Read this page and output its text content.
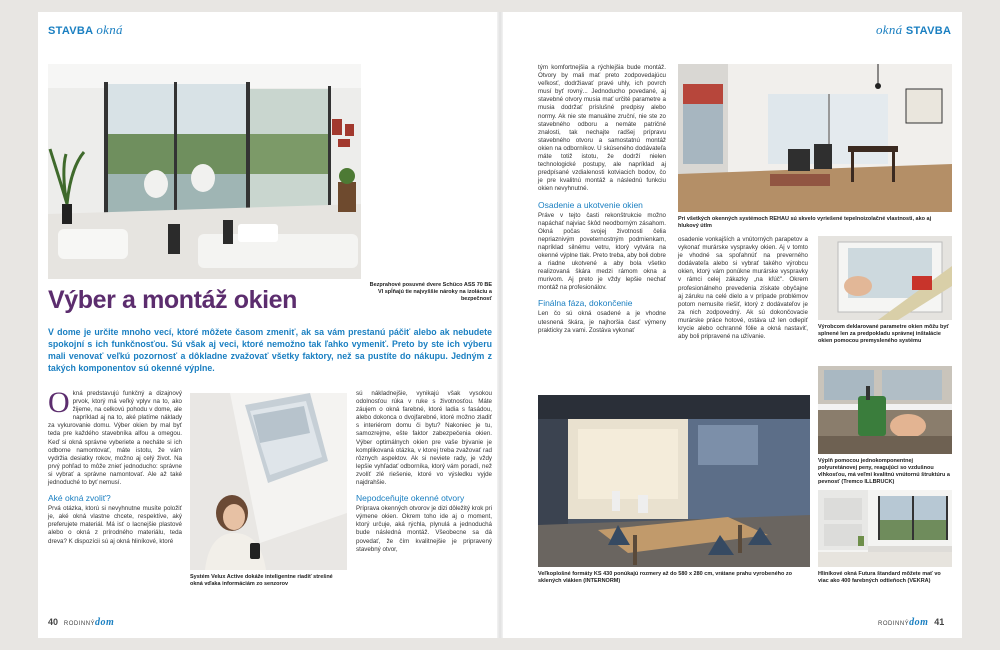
STAVBA okná	okná STAVBA
Bezprahové posuvné dvere Schüco ASS 70 BE VI spĺňajú tie najvyššie nároky na izoláciu a bezpečnosť
Výber a montáž okien
V dome je určite mnoho vecí, ktoré môžete časom zmeniť, ak sa vám prestanú páčiť alebo ak nebudete spokojní s ich funkčnosťou. Sú však aj veci, ktoré nemožno tak ľahko vymeniť. Preto by ste ich výberu mali venovať veľkú pozornosť a dôkladne zvažovať všetky faktory, než sa pustíte do nákupu. Jedným z takých komponentov sú okenné výplne.

Okná predstavujú funkčný a dizajnový prvok, ktorý má veľký vplyv na to, ako žijeme, na celkovú pohodu v dome, ale napríklad aj na to, aké platíme náklady za vykurovanie domu. Výber okien by mal byť teda pre každého stavebníka alfou a omegou. Keď si okná správne vyberiete a necháte si ich odborne namontovať, máte istotu, že vám vydržia desiatky rokov, možno aj celý život. Na prvý pohľad to môže znieť jednoducho: správne si vybrať a správne namontovať. Ale až také jednoduché to byť nemusí.

Aké okná zvoliť?

Prvá otázka, ktorú si nevyhnutne musíte položiť je, aké okná vlastne chcete, respektíve, aký preferujete materiál. Má isť o lacnejšie plastové alebo o okná z prírodného materiálu, teda dreva? K dispozícii sú aj okná hliníkové, ktoré

Systém Velux Active dokáže inteligentne riadiť strešné okná vďaka informáciám zo senzorov

sú nákladnejšie, vynikajú však vysokou odolnosťou rúka v ruke s životnosťou. Máte záujem o okná farebné, ktoré ladia s fasádou, alebo dokonca o dvojfarebné, ktoré možno zladiť s interiérom domu či bytu? Nakoniec je tu, samozrejme, ešte faktor zabezpečenia okien. Výber optimálnych okien pre vaše bývanie je komplikovaná otázka, v ktorej treba zvažovať rad rôznych aspektov. Ak si neviete rady, je vždy lepšie vyhľadať odborníka, ktorý vám poradí, než zvolíť zlé riešenie, ktoré vo výsledku vyjde najdrahšie.

Nepodceňujte okenné otvory

Príprava okenných otvorov je dizi dôležitý krok pri výmene okien. Okrem toho ide aj o moment, ktorý určuje, aká rýchla, plynulá a jednoduchá bude následná montáž. Všeobecne sa dá povedať, že čím kvalitnejšie je pripravený stavebný otvor,

tým komfortnejšia a rýchlejšia bude montáž. Otvory by mali mať preto zodpovedajúcu veľkosť, dodržiavať pravé uhly, ich povrch musí byť rovný... Jednoducho povedané, aj stavebné otvory musia mať určité parametre a musia dodržať príslušné predpisy alebo normy. Ak nie ste manuálne zruční, nie ste zo stavebného odboru a nemáte patričné znalosti, tak nechajte radšej prípravu stavebného otvoru a samostatnú montáž okien na odborníkov. U skúseného dodávateľa máte totiž istotu, že dodrží nielen technologické postupy, ale napríklad aj predpísané vzdialenosti kotviacich bodov, čo je pre kvalitnú montáž a následnú funkciu okien nevyhnutné.

Osadenie a ukotvenie okien

Práve v tejto časti rekonštrukcie možno napáchať najviac škôd neodborným zásahom. Okná počas svojej životnosti čelia nepriaznivým poveternostným podmienkam, napríklad silnému vetru, ktorý vytvára na okenné výplne tlak. Preto treba, aby boli dobre a riadne ukotvené a aby bola všetko realizovaná škára medzi rámom okna a murivom. Aj preto je vždy lepšie nechať montáž na profesionálov.

Finálna fáza, dokončenie

Len čo sú okná osadené a je vhodne utesnená škára, je najhoršia časť výmeny prakticky za vami. Zostáva vykonať

Pri všetkých okenných systémoch REHAU sú skvelo vyriešené tepelnoizolačné vlastnosti, ako aj hlukový útlm

osadenie vonkajších a vnútorných parapetov a vykonať murárske vyspravky okien. Aj v tomto je vhodné sa spoľahnúť na preverného dodávateľa alebo si vybrať takého výrobcu okien, ktorý vám ponúkne murárske vyspravky v rámci celej zákazky „na kľúč". Okrem profesionálneho prevedenia získate obyčajne aj záruku na celé dielo a v prípade problémov potom nemusíte riešiť, ktorý z dodávateľov je za nich zodpovedný. Ak sú dokončovacie murárske práce hotové, ostáva už len odlepiť krycie alebo ochranné fólie a okná nastaviť, aby boli pripravené na užívanie.

Výrobcom deklarované parametre okien môžu byť splnené len za predpokladu správnej inštalácie okien pomocou premysleného systému
Výplň pomocou jednokomponentnej polyuretánovej peny, reagujúci so vzdušnou vlhkosťou, má veľmi kvalitnú vnútornú štruktúru a pevnosť (Tremco ILLBRUCK)
Veľkoplošné formáty KS 430 ponúkajú rozmery až do 580 x 280 cm, vrátane prahu vyrobeného zo sklených vlákien (INTERNORM)
Hliníkové okná Futura štandard môžete mať vo viac ako 400 farebných odtieňoch (VEKRA)
40 RODINNÝdom	RODINNÝdom 41
